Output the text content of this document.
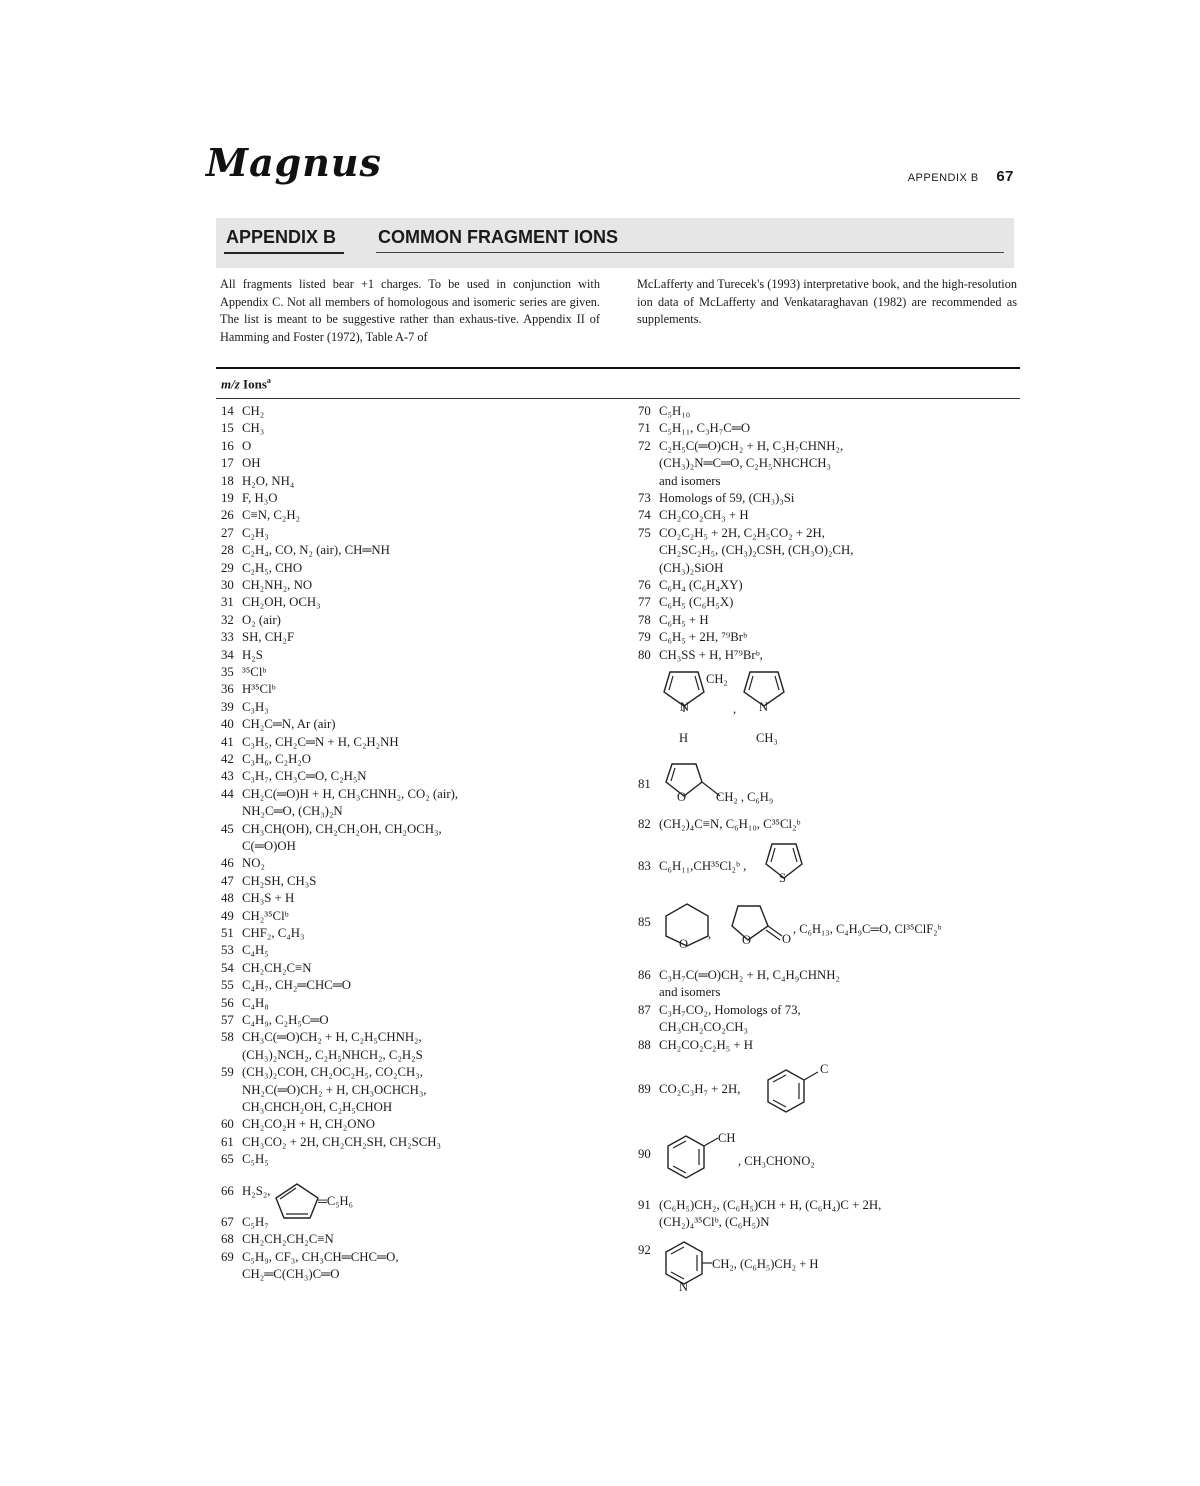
Magnus	APPENDIX B 67
APPENDIX B COMMON FRAGMENT IONS
All fragments listed bear +1 charges. To be used in conjunction with Appendix C. Not all members of homologous and isomeric series are given. The list is meant to be suggestive rather than exhaus-tive. Appendix II of Hamming and Foster (1972), Table A-7 of
McLafferty and Turecek's (1993) interpretative book, and the high-resolution ion data of McLafferty and Venkataraghavan (1982) are recommended as supplements.
m/z Ions$^a$
14 CH₂
15 CH₃
16 O
17 OH
18 H₂O, NH₄
19 F, H₃O
26 C≡N, C₂H₂
27 C₂H₃
28 C₂H₄, CO, N₂ (air), CH═NH
29 C₂H₅, CHO
30 CH₂NH₂, NO
31 CH₂OH, OCH₃
32 O₂ (air)
33 SH, CH₂F
34 H₂S
35 ³⁵Clᵇ
36 H³⁵Clᵇ
39 C₃H₃
40 CH₂C═N, Ar (air)
41 C₃H₅, CH₂C═N + H, C₂H₂NH
42 C₃H₆, C₂H₂O
43 C₃H₇, CH₃C═O, C₂H₅N
44 CH₂C(═O)H + H, CH₃CHNH₂, CO₂ (air),
NH₂C═O, (CH₃)₂N
45 CH₃CH(OH), CH₂CH₂OH, CH₂OCH₃,
C(═O)OH
46 NO₂
47 CH₂SH, CH₃S
48 CH₃S + H
49 CH₂³⁵Clᵇ
51 CHF₂, C₄H₃
53 C₄H₅
54 CH₂CH₂C≡N
55 C₄H₇, CH₂═CHC═O
56 C₄H₈
57 C₄H₉, C₂H₅C═O
58 CH₃C(═O)CH₂ + H, C₂H₅CHNH₂,
(CH₃)₂NCH₂, C₂H₅NHCH₂, C₂H₂S
59 (CH₃)₂COH, CH₂OC₂H₅, CO₂CH₃,
NH₂C(═O)CH₂ + H, CH₃OCHCH₃,
CH₃CHCH₂OH, C₂H₅CHOH
60 CH₂CO₂H + H, CH₂ONO
61 CH₃CO₂ + 2H, CH₂CH₂SH, CH₂SCH₃
65 C₅H₅
66 H₂S₂,
67 C₅H₇
68 CH₂CH₂CH₂C≡N
69 C₅H₉, CF₃, CH₃CH═CHC═O,
CH₂═C(CH₃)C═O
70 C₅H₁₀
71 C₅H₁₁, C₃H₇C═O
72 C₂H₅C(═O)CH₂ + H, C₃H₇CHNH₂,
(CH₃)₂N═C═O, C₂H₅NHCHCH₃
and isomers
73 Homologs of 59, (CH₃)₃Si
74 CH₂CO₂CH₃ + H
75 CO₂C₂H₅ + 2H, C₂H₅CO₂ + 2H,
CH₂SC₂H₅, (CH₃)₂CSH, (CH₃O)₂CH,
(CH₃)₂SiOH
76 C₆H₄ (C₆H₄XY)
77 C₆H₅ (C₆H₅X)
78 C₆H₅ + H
79 C₆H₅ + 2H, ⁷⁹Brᵇ
80 CH₃SS + H, H⁷⁹Brᵇ,
═C₅H₆
CH₂
N
H
, N
CH₃
81
O CH₂ , C₆H₉
82 (CH₂)₄C≡N, C₆H₁₀, C³⁵Cl₂ᵇ
83 C₆H₁₁,CH³⁵Cl₂ᵇ ,
S
85
O
, O O
, C₆H₁₃, C₄H₉C═O, Cl³⁵ClF₂ᵇ
86 C₃H₇C(═O)CH₂ + H, C₄H₉CHNH₂
and isomers
87 C₃H₇CO₂, Homologs of 73,
CH₃CH₂CO₂CH₃
88 CH₂CO₂C₂H₅ + H
89 CO₂C₃H₇ + 2H,
C
90
CH
, CH₃CHONO₂
91 (C₆H₅)CH₂, (C₆H₅)CH + H, (C₆H₄)C + 2H,
(CH₂)₄³⁵Clᵇ, (C₆H₅)N
92
N
CH₂, (C₆H₅)CH₂ + H
